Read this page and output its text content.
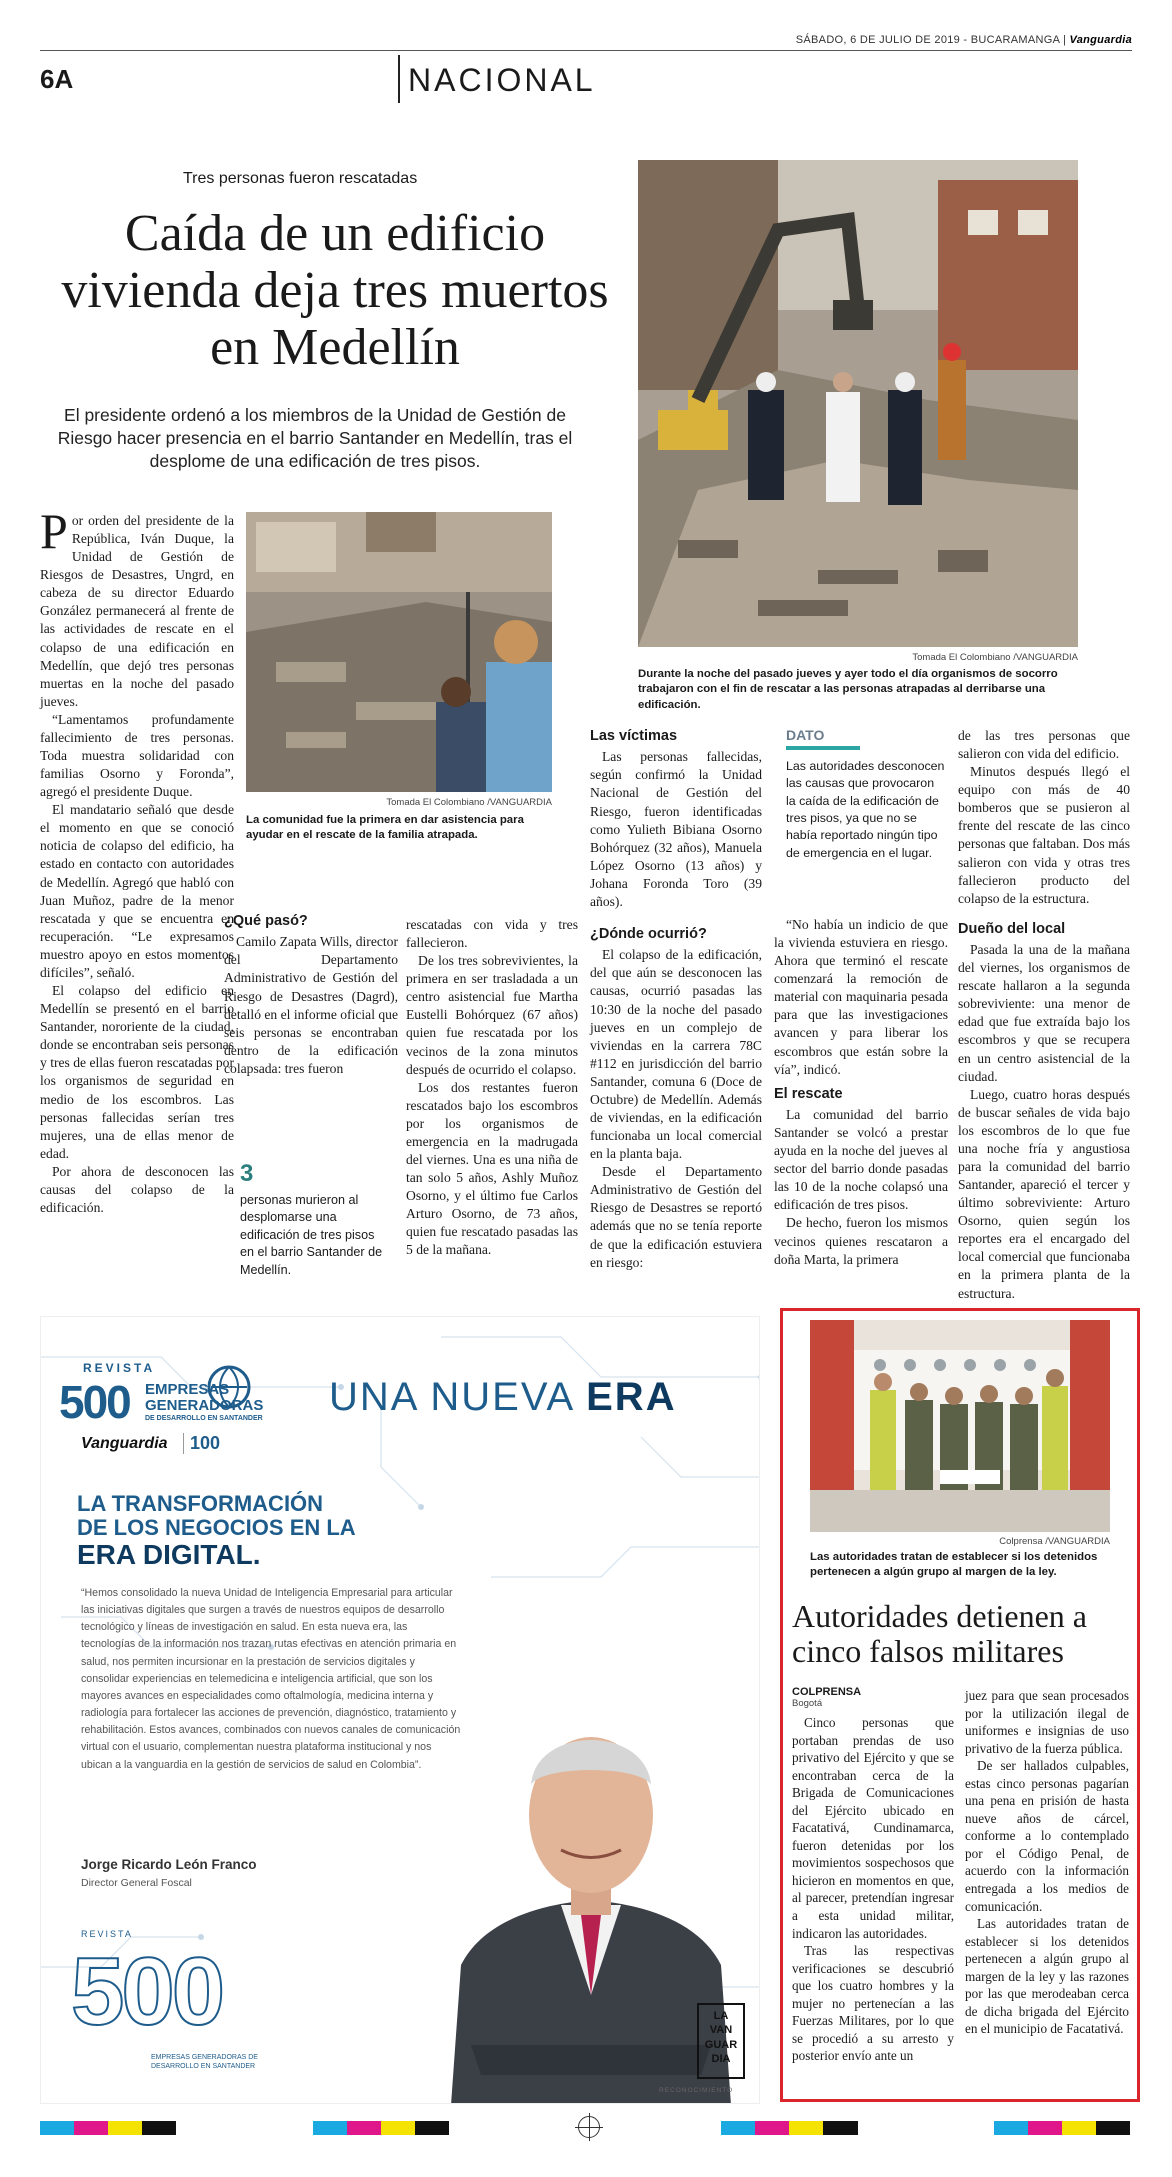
SÁBADO, 6 DE JULIO DE 2019 - BUCARAMANGA | Vanguardia
6A	NACIONAL
Tres personas fueron rescatadas
Caída de un edificio vivienda deja tres muertos en Medellín
El presidente ordenó a los miembros de la Unidad de Gestión de Riesgo hacer presencia en el barrio Santander en Medellín, tras el desplome de una edificación de tres pisos.
Tomada El Colombiano /VANGUARDIA
Durante la noche del pasado jueves y ayer todo el día organismos de socorro trabajaron con el fin de rescatar a las personas atrapadas al derribarse una edificación.
Tomada El Colombiano /VANGUARDIA
La comunidad fue la primera en dar asistencia para ayudar en el rescate de la familia atrapada.

Por orden del presidente de la República, Iván Duque, la Unidad de Gestión de Riesgos de Desastres, Ungrd, en cabeza de su director Eduardo González permanecerá al frente de las actividades de rescate en el colapso de una edificación en Medellín, que dejó tres personas muertas en la noche del pasado jueves.

“Lamentamos profundamente fallecimiento de tres personas. Toda muestra solidaridad con familias Osorno y Foronda”, agregó el presidente Duque.

El mandatario señaló que desde el momento en que se conoció noticia de colapso del edificio, ha estado en contacto con autoridades de Medellín. Agregó que habló con Juan Muñoz, padre de la menor rescatada y que se encuentra en recuperación. “Le expresamos muestro apoyo en estos momentos difíciles”, señaló.

El colapso del edificio en Medellín se presentó en el barrio Santander, nororiente de la ciudad, donde se encontraban seis personas y tres de ellas fueron rescatadas por los organismos de seguridad en medio de los escombros. Las personas fallecidas serían tres mujeres, una de ellas menor de edad.

Por ahora de desconocen las causas del colapso de la edificación.

¿Qué pasó?

Camilo Zapata Wills, director del Departamento Administrativo de Gestión del Riesgo de Desastres (Dagrd), detalló en el informe oficial que seis personas se encontraban dentro de la edificación colapsada: tres fueron

3
personas murieron al desplomarse una edificación de tres pisos en el barrio Santander de Medellín.

rescatadas con vida y tres fallecieron.

De los tres sobrevivientes, la primera en ser trasladada a un centro asistencial fue Martha Eustelli Bohórquez (67 años) quien fue rescatada por los vecinos de la zona minutos después de ocurrido el colapso.

Los dos restantes fueron rescatados bajo los escombros por los organismos de emergencia en la madrugada del viernes. Una es una niña de tan solo 5 años, Ashly Muñoz Osorno, y el último fue Carlos Arturo Osorno, de 73 años, quien fue rescatado pasadas las 5 de la mañana.

Las víctimas

Las personas fallecidas, según confirmó la Unidad Nacional de Gestión del Riesgo, fueron identificadas como Yulieth Bibiana Osorno Bohórquez (32 años), Manuela López Osorno (13 años) y Johana Foronda Toro (39 años).

¿Dónde ocurrió?

El colapso de la edificación, del que aún se desconocen las causas, ocurrió pasadas las 10:30 de la noche del pasado jueves en un complejo de viviendas en la carrera 78C #112 en jurisdicción del barrio Santander, comuna 6 (Doce de Octubre) de Medellín. Además de viviendas, en la edificación funcionaba un local comercial en la planta baja.

Desde el Departamento Administrativo de Gestión del Riesgo de Desastres se reportó además que no se tenía reporte de que la edificación estuviera en riesgo:

DATO
Las autoridades desconocen las causas que provocaron la caída de la edificación de tres pisos, ya que no se había reportado ningún tipo de emergencia en el lugar.

“No había un indicio de que la vivienda estuviera en riesgo. Ahora que terminó el rescate comenzará la remoción de material con maquinaria pesada para que las investigaciones avancen y para liberar los escombros que están sobre la vía”, indicó.

El rescate

La comunidad del barrio Santander se volcó a prestar ayuda en la noche del jueves al sector del barrio donde pasadas las 10 de la noche colapsó una edificación de tres pisos.

De hecho, fueron los mismos vecinos quienes rescataron a doña Marta, la primera

de las tres personas que salieron con vida del edificio.

Minutos después llegó el equipo con más de 40 bomberos que se pusieron al frente del rescate de las cinco personas que faltaban. Dos más salieron con vida y otras tres fallecieron producto del colapso de la estructura.

Dueño del local

Pasada la una de la mañana del viernes, los organismos de rescate hallaron a la segunda sobreviviente: una menor de edad que fue extraída bajo los escombros y que se recupera en un centro asistencial de la ciudad.

Luego, cuatro horas después de buscar señales de vida bajo los escombros de lo que fue una noche fría y angustiosa para la comunidad del barrio Santander, apareció el tercer y último sobreviviente: Arturo Osorno, quien según los reportes era el encargado del local comercial que funcionaba en la primera planta de la estructura.

REVISTA
500 EMPRESAS
GENERADORAS
DE DESARROLLO EN SANTANDER
Vanguardia	100
UNA NUEVA ERA
LA TRANSFORMACIÓN
DE LOS NEGOCIOS EN LA
ERA DIGITAL.
“Hemos consolidado la nueva Unidad de Inteligencia Empresarial para articular las iniciativas digitales que surgen a través de nuestros equipos de desarrollo tecnológico y líneas de investigación en salud. En esta nueva era, las tecnologías de la información nos trazan rutas efectivas en atención primaria en salud, nos permiten incursionar en la prestación de servicios digitales y consolidar experiencias en telemedicina e inteligencia artificial, que son los mayores avances en especialidades como oftalmología, medicina interna y radiología para fortalecer las acciones de prevención, diagnóstico, tratamiento y rehabilitación. Estos avances, combinados con nuevos canales de comunicación virtual con el usuario, complementan nuestra plataforma institucional y nos ubican a la vanguardia en la gestión de servicios de salud en Colombia”.
Jorge Ricardo León Franco
Director General Foscal
REVISTA
500
EMPRESAS GENERADORAS DE DESARROLLO EN SANTANDER
LA VAN GUAR DIA
RECONOCIMIENTO
Colprensa /VANGUARDIA
Las autoridades tratan de establecer si los detenidos pertenecen a algún grupo al margen de la ley.
Autoridades detienen a cinco falsos militares
COLPRENSA
Bogotá

Cinco personas que portaban prendas de uso privativo del Ejército y que se encontraban cerca de la Brigada de Comunicaciones del Ejército ubicado en Facatativá, Cundinamarca, fueron detenidas por los movimientos sospechosos que hicieron en momentos en que, al parecer, pretendían ingresar a esta unidad militar, indicaron las autoridades.

Tras las respectivas verificaciones se descubrió que los cuatro hombres y la mujer no pertenecían a las Fuerzas Militares, por lo que se procedió a su arresto y posterior envío ante un

juez para que sean procesados por la utilización ilegal de uniformes e insignias de uso privativo de la fuerza pública.

De ser hallados culpables, estas cinco personas pagarían una pena en prisión de hasta nueve años de cárcel, conforme a lo contemplado por el Código Penal, de acuerdo con la información entregada a los medios de comunicación.

Las autoridades tratan de establecer si los detenidos pertenecen a algún grupo al margen de la ley y las razones por las que merodeaban cerca de dicha brigada del Ejército en el municipio de Facatativá.
